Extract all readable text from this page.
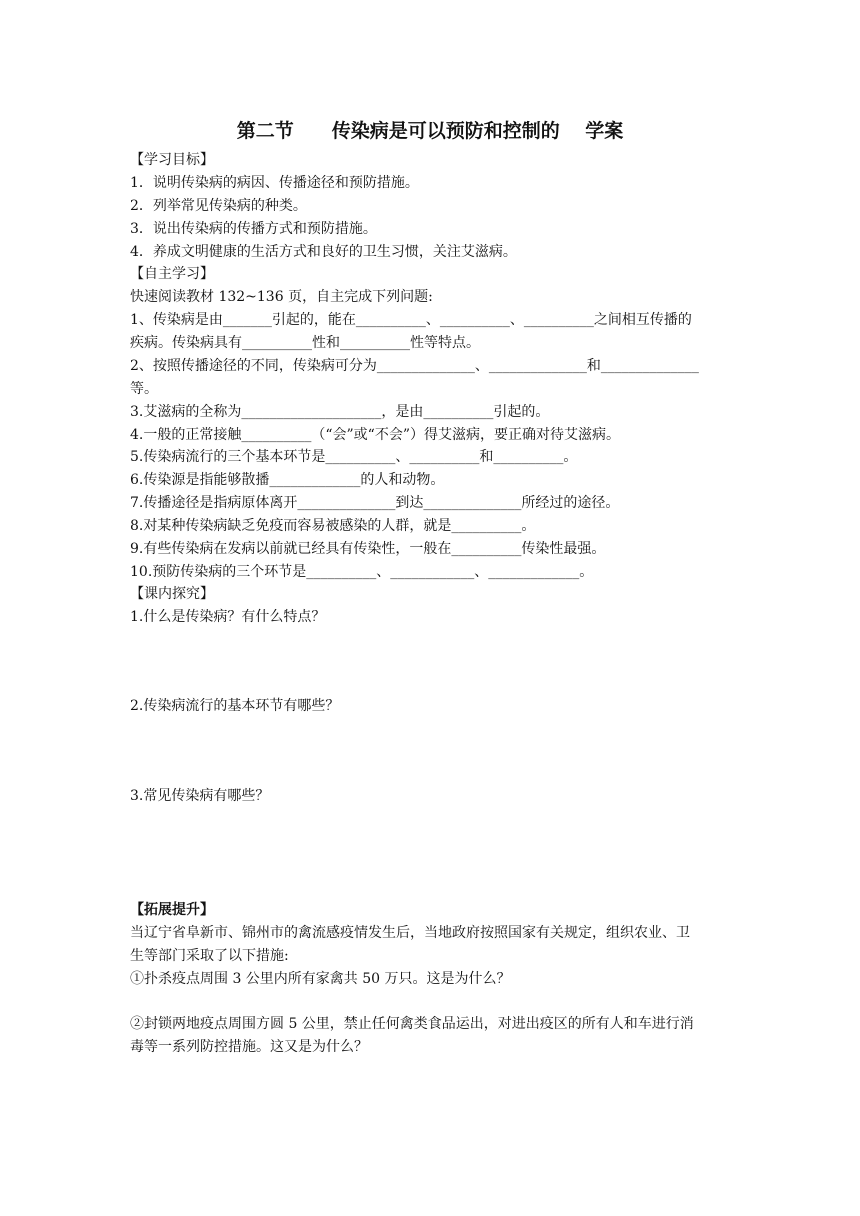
第二节　　传染病是可以预防和控制的　 学案
【学习目标】
1．说明传染病的病因、传播途径和预防措施。
2．列举常见传染病的种类。
3．说出传染病的传播方式和预防措施。
4．养成文明健康的生活方式和良好的卫生习惯，关注艾滋病。
【自主学习】
快速阅读教材 132~136 页，自主完成下列问题:
1、传染病是由_______引起的，能在__________、__________、__________之间相互传播的
疾病。传染病具有__________性和__________性等特点。
2、按照传播途径的不同，传染病可分为______________、______________和______________
等。
3.艾滋病的全称为____________________，是由__________引起的。
4.一般的正常接触__________（“会”或“不会”）得艾滋病，要正确对待艾滋病。
5.传染病流行的三个基本环节是__________、__________和__________。
6.传染源是指能够散播_____________的人和动物。
7.传播途径是指病原体离开______________到达______________所经过的途径。
8.对某种传染病缺乏免疫而容易被感染的人群，就是__________。
9.有些传染病在发病以前就已经具有传染性，一般在__________传染性最强。
10.预防传染病的三个环节是__________、____________、_____________。
【课内探究】
1.什么是传染病？有什么特点？
2.传染病流行的基本环节有哪些？
3.常见传染病有哪些？
【拓展提升】
当辽宁省阜新市、锦州市的禽流感疫情发生后，当地政府按照国家有关规定，组织农业、卫
生等部门采取了以下措施:
①扑杀疫点周围 3 公里内所有家禽共 50 万只。这是为什么？
②封锁两地疫点周围方圆 5 公里，禁止任何禽类食品运出，对进出疫区的所有人和车进行消
毒等一系列防控措施。这又是为什么？
